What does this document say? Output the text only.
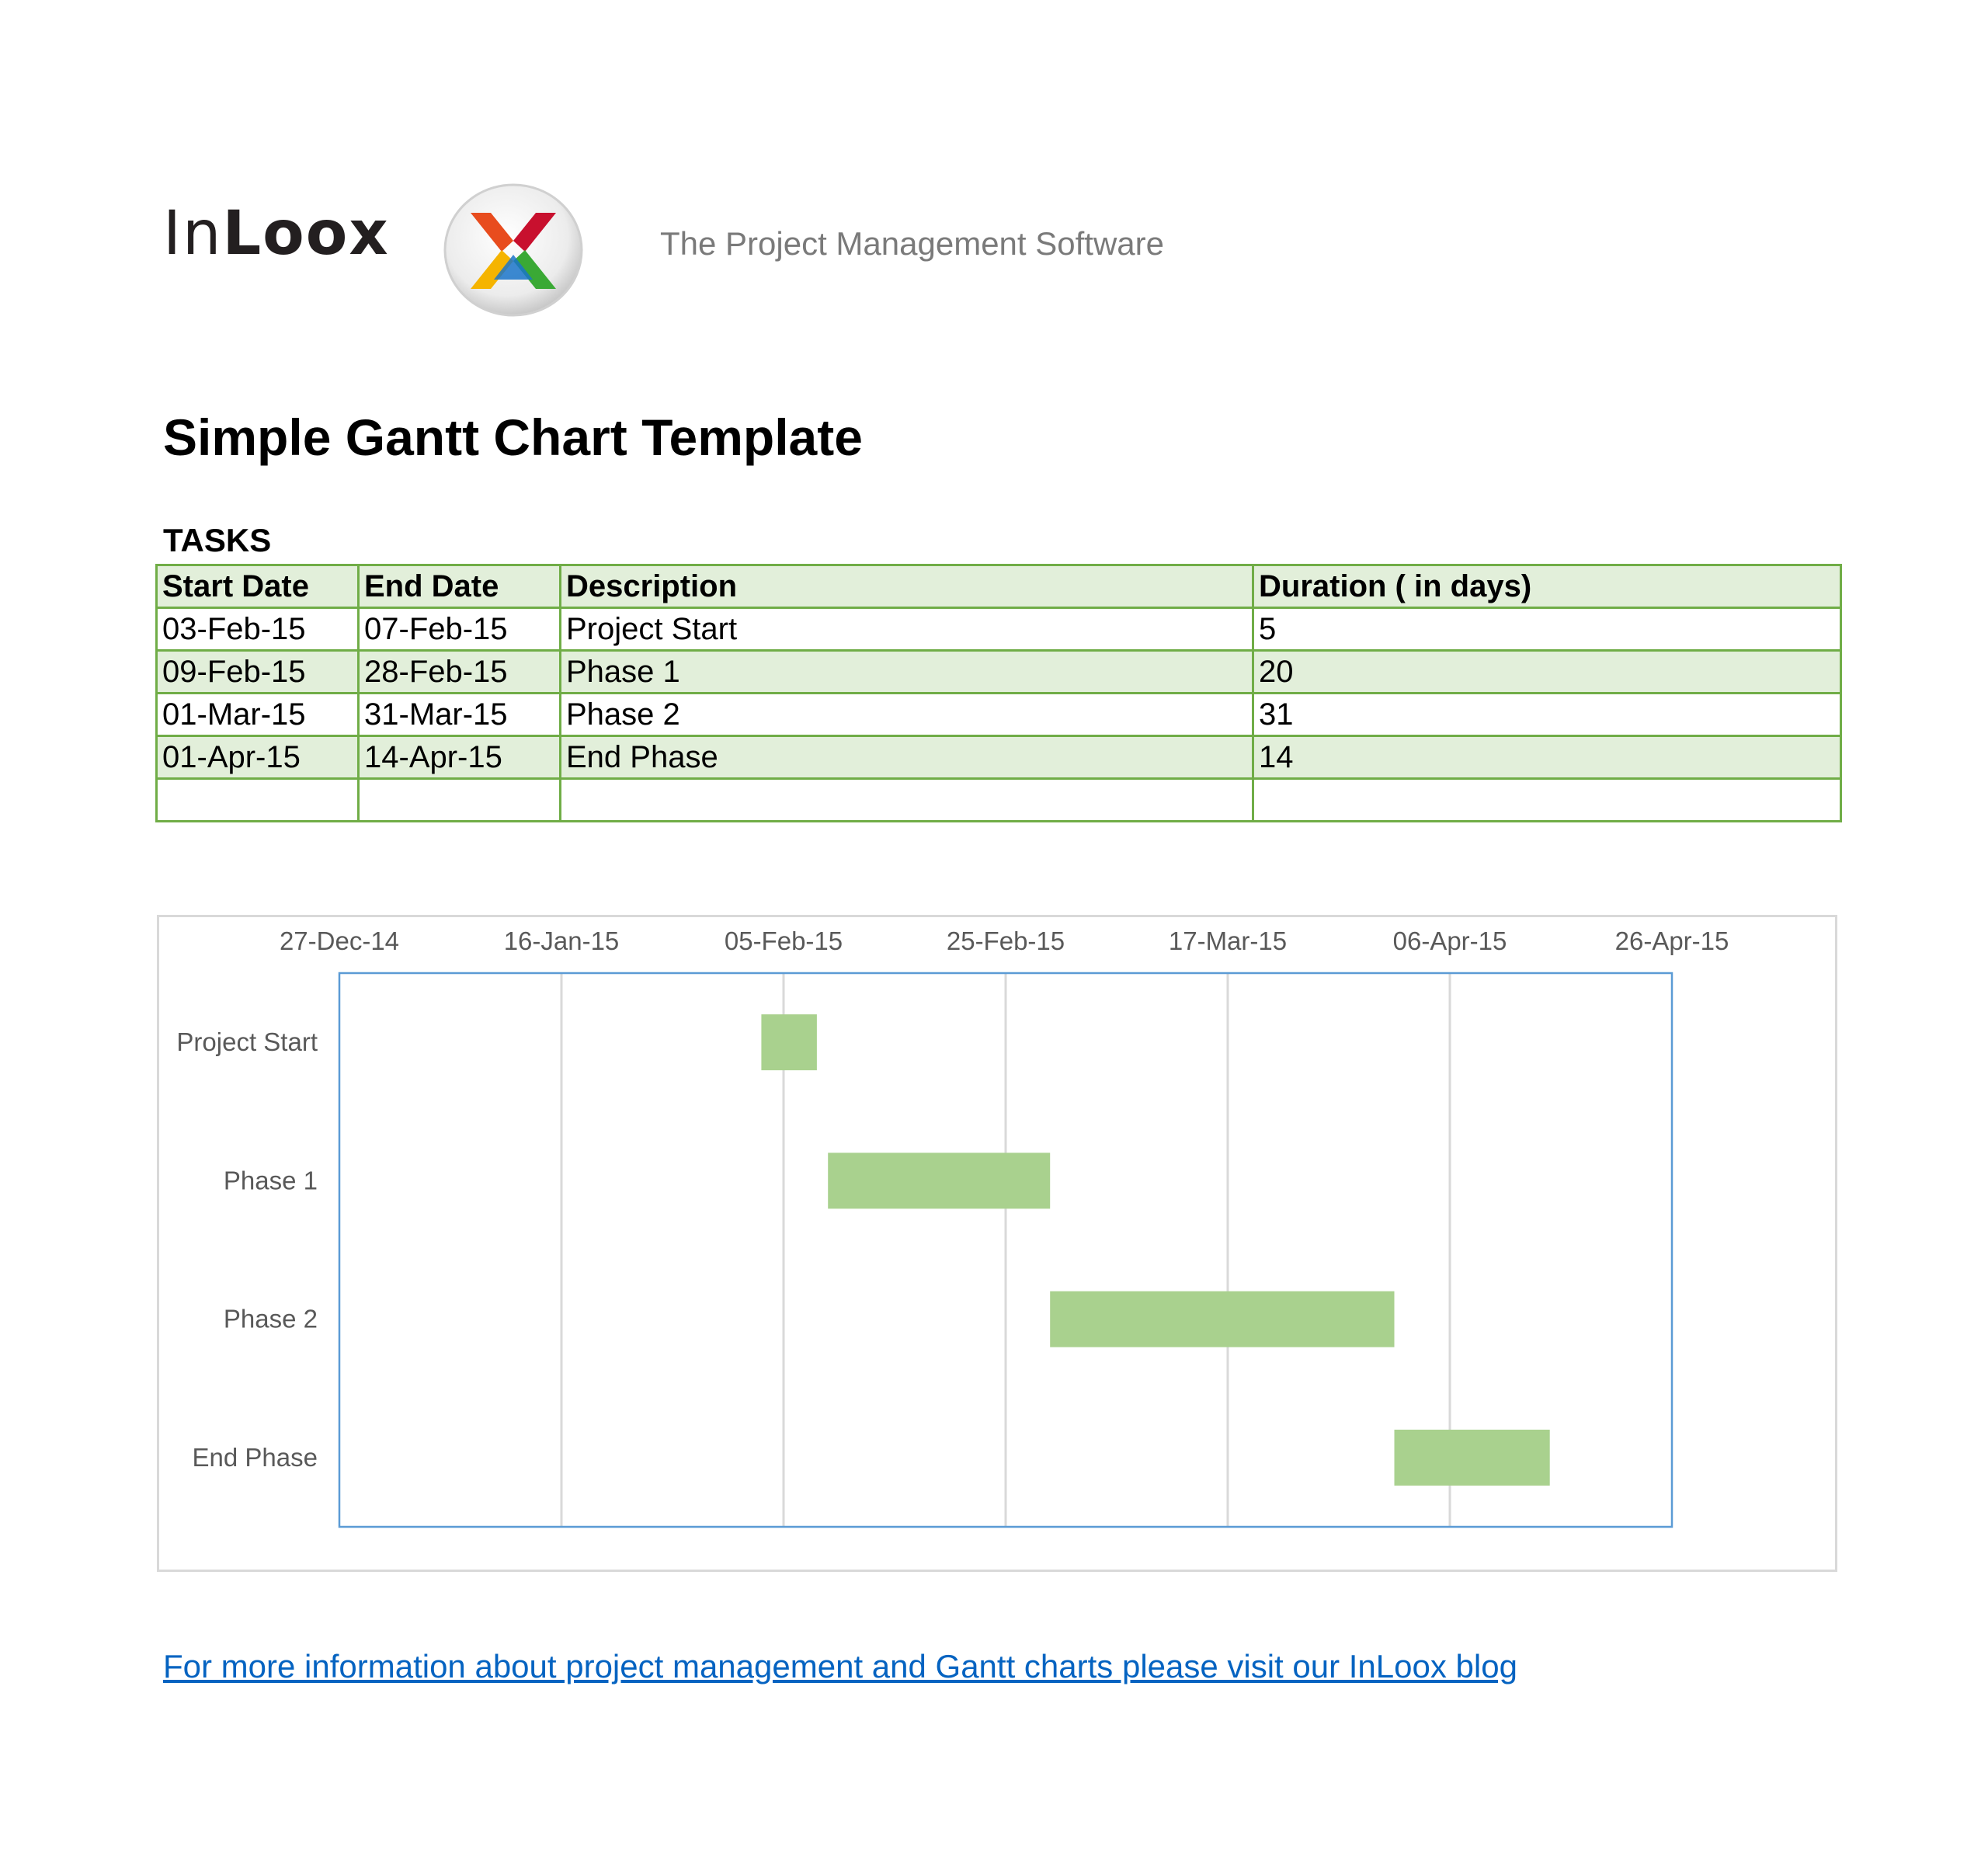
InLoox	The Project Management Software
Simple Gantt Chart Template
TASKS
Start Date	End Date	Description	Duration ( in days)
03-Feb-15	07-Feb-15	Project Start	5
09-Feb-15	28-Feb-15	Phase 1	20
01-Mar-15	31-Mar-15	Phase 2	31
01-Apr-15	14-Apr-15	End Phase	14

27-Dec-14	16-Jan-15	05-Feb-15	25-Feb-15	17-Mar-15	06-Apr-15	26-Apr-15
Project Start
Phase 1
Phase 2
End Phase
For more information about project management and Gantt charts please visit our InLoox blog
